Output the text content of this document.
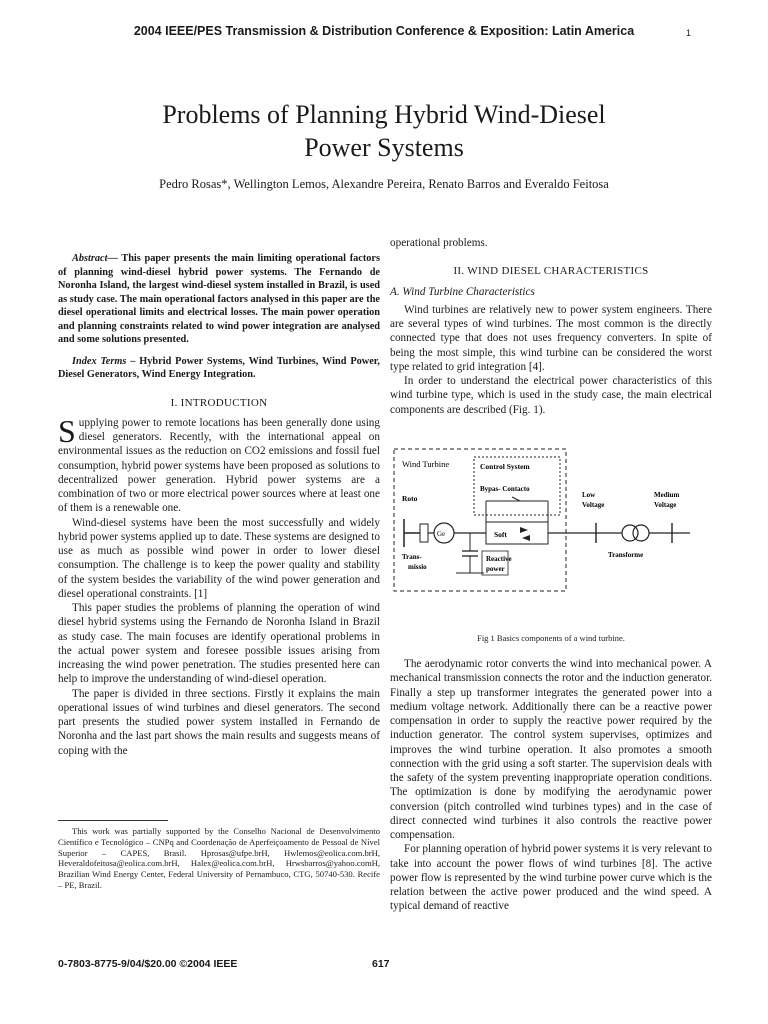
2004 IEEE/PES Transmission & Distribution Conference & Exposition: Latin America	1
Problems of Planning Hybrid Wind-Diesel
Power Systems
Pedro Rosas*, Wellington Lemos, Alexandre Pereira, Renato Barros and Everaldo Feitosa

Abstract— This paper presents the main limiting operational factors of planning wind-diesel hybrid power systems. The Fernando de Noronha Island, the largest wind-diesel system installed in Brazil, is used as study case. The main operational factors analysed in this paper are the diesel operational limits and electrical losses. The main power operation and planning constraints related to wind power integration are analysed and some solutions presented.

Index Terms – Hybrid Power Systems, Wind Turbines, Wind Power, Diesel Generators, Wind Energy Integration.

I. INTRODUCTION

Supplying power to remote locations has been generally done using diesel generators. Recently, with the international appeal on environmental issues as the reduction on CO2 emissions and fossil fuel consumption, hybrid power systems have been proposed as solutions to decentralized power generation. Hybrid power systems are a combination of two or more electrical power sources where at least one of them is a renewable one.

Wind-diesel systems have been the most successfully and widely hybrid power systems applied up to date. These systems are designed to use as much as possible wind power in order to lower diesel consumption. The challenge is to keep the power quality and stability of the system besides the variability of the wind power generation and diesel operational constraints. [1]

This paper studies the problems of planning the operation of wind diesel hybrid systems using the Fernando de Noronha Island in Brazil as study case. The main focuses are identify operational problems in the actual power system and foresee possible issues arising from increasing the wind power penetration. The studies presented here can help to improve the understanding of wind-diesel operation.

The paper is divided in three sections. Firstly it explains the main operational issues of wind turbines and diesel generators. The second part presents the studied power system installed in Fernando de Noronha and the last part shows the main results and suggests means of coping with the

This work was partially supported by the Conselho Nacional de Desenvolvimento Científico e Tecnológico – CNPq and Coordenação de Aperfeiçoamento de Pessoal de Nível Superior – CAPES, Brasil. Hprosas@ufpe.brH, Hwlemos@eolica.com.brH, Heveraldofeitosa@eolica.com.brH, Halex@eolica.com.brH, Hrwsbarros@yahoo.comH, Brazilian Wind Energy Center, Federal University of Pernambuco, CTG, 50740-530. Recife – PE, Brazil.

operational problems.

II. WIND DIESEL CHARACTERISTICS
A. Wind Turbine Characteristics

Wind turbines are relatively new to power system engineers. There are several types of wind turbines. The most common is the directly connected type that does not uses frequency converters. In spite of being the most simple, this wind turbine can be considered the worst type related to grid integration [4].

In order to understand the electrical power characteristics of this wind turbine type, which is used in the study case, the main electrical components are described (Fig. 1).

Wind Turbine	Control System
Bypas- Contacto
Roto
Ge	Soft
Trans-
missio
Reactive
power
Low
Voltage
Medium
Voltage
Transforme

Fig 1 Basics components of a wind turbine.

The aerodynamic rotor converts the wind into mechanical power. A mechanical transmission connects the rotor and the induction generator. Finally a step up transformer integrates the generated power into a medium voltage network. Additionally there can be a reactive power compensation in order to supply the reactive power required by the induction generator. The control system supervises, optimizes and improves the wind turbine operation. It also promotes a smooth connection with the grid using a soft starter. The supervision deals with the safety of the system preventing inappropriate operation conditions. The optimization is done by modifying the aerodynamic power conversion (pitch controlled wind turbines types) and in the case of direct connected wind turbines it also controls the reactive power compensation.

For planning operation of hybrid power systems it is very relevant to take into account the power flows of wind turbines [8]. The active power flow is represented by the wind turbine power curve which is the relation between the active power produced and the wind speed. A typical demand of reactive

0-7803-8775-9/04/$20.00 ©2004 IEEE	617
